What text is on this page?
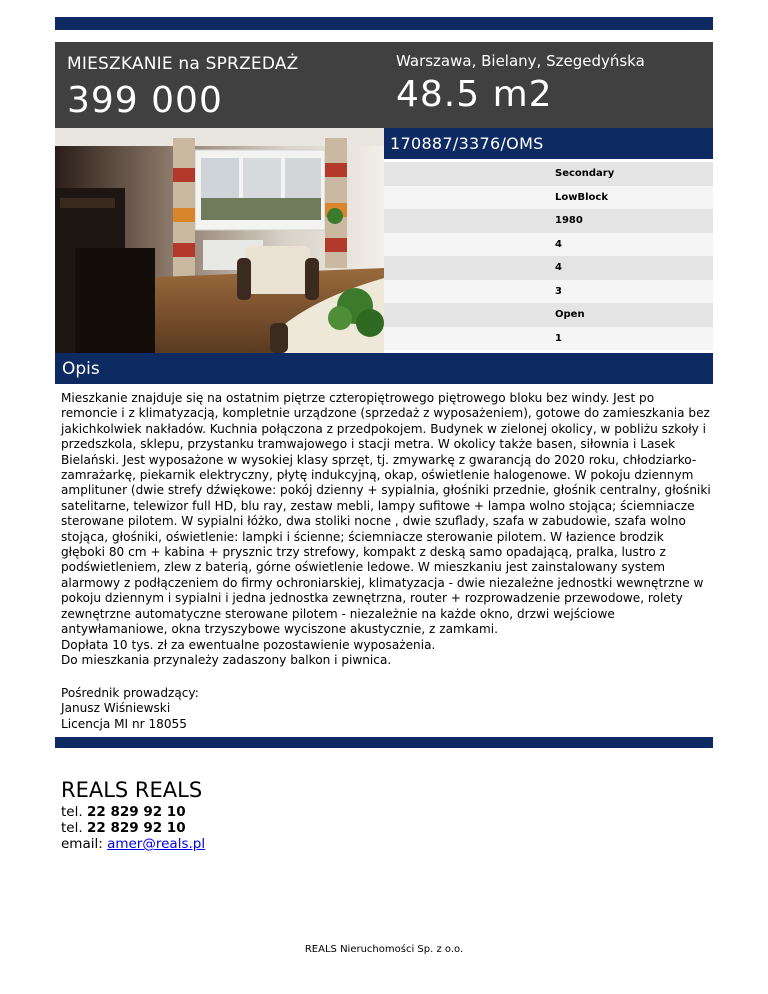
MIESZKANIE na SPRZEDAŻ
399 000
Warszawa, Bielany, Szegedyńska
48.5 m2
170887/3376/OMS
Secondary
LowBlock
1980
4
4
3
Open
1
Opis

Mieszkanie znajduje się na ostatnim piętrze czteropiętrowego piętrowego bloku bez windy. Jest po remoncie i z klimatyzacją, kompletnie urządzone (sprzedaż z wyposażeniem), gotowe do zamieszkania bez jakichkolwiek nakładów. Kuchnia połączona z przedpokojem. Budynek w zielonej okolicy, w pobliżu szkoły i przedszkola, sklepu, przystanku tramwajowego i stacji metra. W okolicy także basen, siłownia i Lasek Bielański. Jest wyposażone w wysokiej klasy sprzęt, tj. zmywarkę z gwarancją do 2020 roku, chłodziarko-zamrażarkę, piekarnik elektryczny, płytę indukcyjną, okap, oświetlenie halogenowe. W pokoju dziennym amplituner (dwie strefy dźwiękowe: pokój dzienny + sypialnia, głośniki przednie, głośnik centralny, głośniki satelitarne, telewizor full HD, blu ray, zestaw mebli, lampy sufitowe + lampa wolno stojąca; ściemniacze sterowane pilotem. W sypialni łóżko, dwa stoliki nocne , dwie szuflady, szafa w zabudowie, szafa wolno stojąca, głośniki, oświetlenie: lampki i ścienne; ściemniacze sterowanie pilotem. W łazience brodzik głęboki 80 cm + kabina + prysznic trzy strefowy, kompakt z deską samo opadającą, pralka, lustro z podświetleniem, zlew z baterią, górne oświetlenie ledowe. W mieszkaniu jest zainstalowany system alarmowy z podłączeniem do firmy ochroniarskiej, klimatyzacja - dwie niezależne jednostki wewnętrzne w pokoju dziennym i sypialni i jedna jednostka zewnętrzna, router + rozprowadzenie przewodowe, rolety zewnętrzne automatyczne sterowane pilotem - niezależnie na każde okno, drzwi wejściowe antywłamaniowe, okna trzyszybowe wyciszone akustycznie, z zamkami.

Dopłata 10 tys. zł za ewentualne pozostawienie wyposażenia.

Do mieszkania przynależy zadaszony balkon i piwnica.

Pośrednik prowadzący:
Janusz Wiśniewski
Licencja MI nr 18055
REALS REALS
tel. 22 829 92 10
tel. 22 829 92 10
email: amer@reals.pl
REALS Nieruchomości Sp. z o.o.
